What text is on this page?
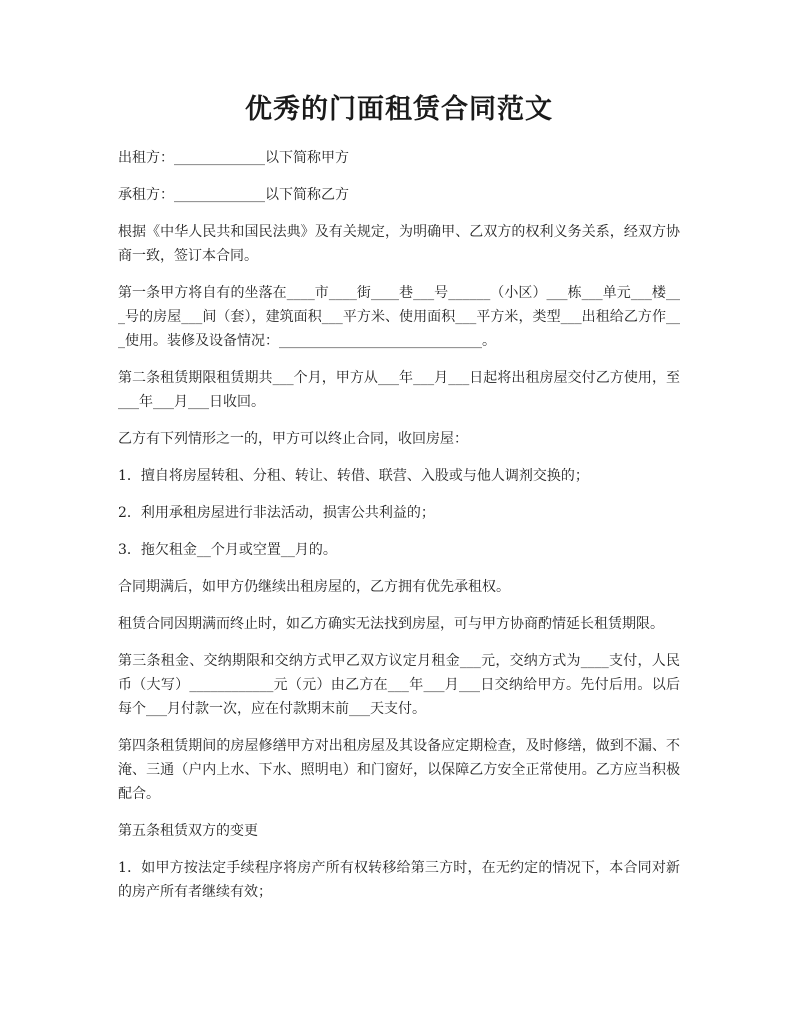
优秀的门面租赁合同范文

出租方：_____________以下简称甲方

承租方：_____________以下简称乙方

根据《中华人民共和国民法典》及有关规定，为明确甲、乙双方的权利义务关系，经双方协商一致，签订本合同。

第一条甲方将自有的坐落在____市____街____巷___号______（小区）___栋___单元___楼___号的房屋___间（套），建筑面积___平方米、使用面积___平方米，类型___出租给乙方作___使用。装修及设备情况：_____________________________。

第二条租赁期限租赁期共___个月，甲方从___年___月___日起将出租房屋交付乙方使用，至___年___月___日收回。

乙方有下列情形之一的，甲方可以终止合同，收回房屋：

1．擅自将房屋转租、分租、转让、转借、联营、入股或与他人调剂交换的；

2．利用承租房屋进行非法活动，损害公共利益的；

3．拖欠租金__个月或空置__月的。

合同期满后，如甲方仍继续出租房屋的，乙方拥有优先承租权。

租赁合同因期满而终止时，如乙方确实无法找到房屋，可与甲方协商酌情延长租赁期限。

第三条租金、交纳期限和交纳方式甲乙双方议定月租金___元，交纳方式为____支付，人民币（大写）____________元（元）由乙方在___年___月___日交纳给甲方。先付后用。以后每个___月付款一次，应在付款期末前___天支付。

第四条租赁期间的房屋修缮甲方对出租房屋及其设备应定期检查，及时修缮，做到不漏、不淹、三通（户内上水、下水、照明电）和门窗好，以保障乙方安全正常使用。乙方应当积极配合。

第五条租赁双方的变更

1．如甲方按法定手续程序将房产所有权转移给第三方时，在无约定的情况下，本合同对新的房产所有者继续有效；
